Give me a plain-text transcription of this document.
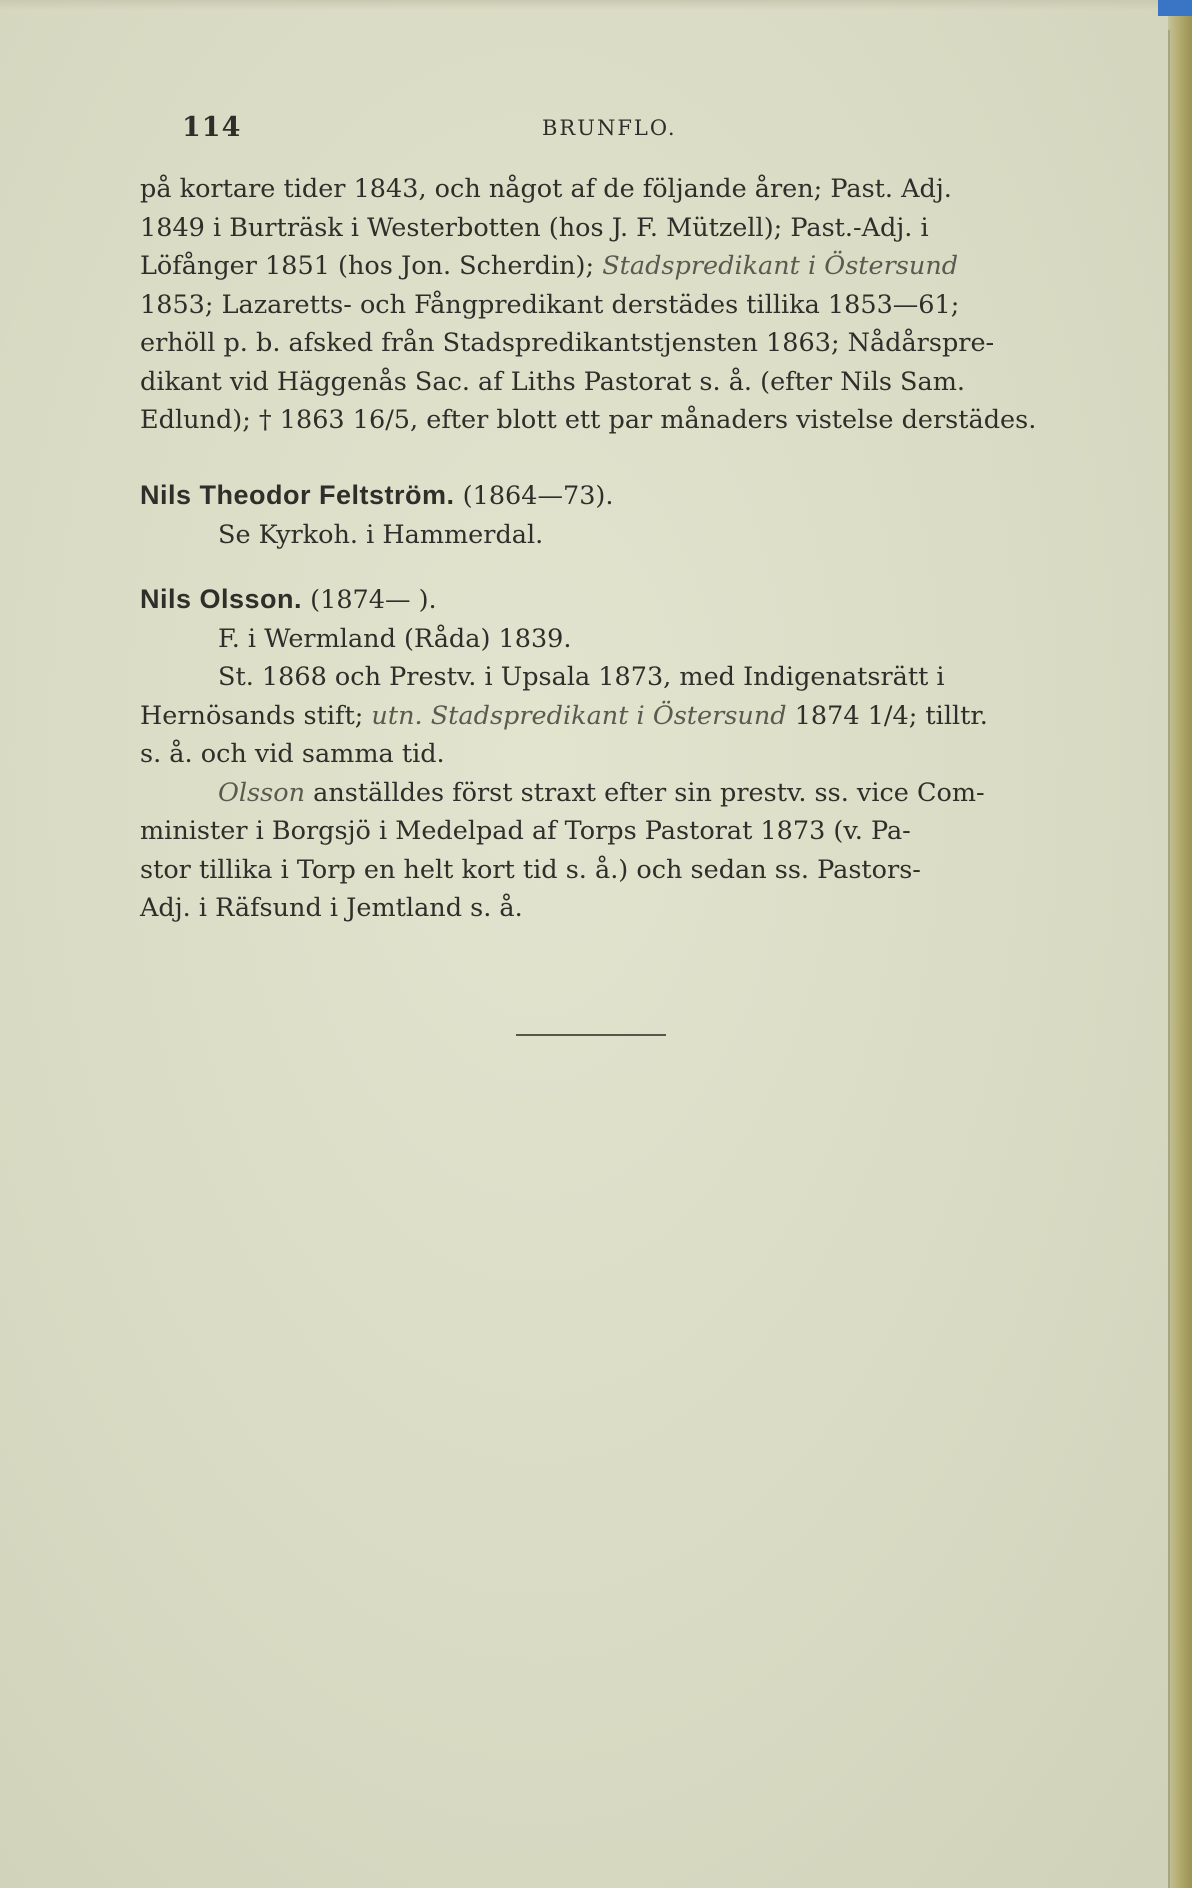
114	BRUNFLO.

på kortare tider 1843, och något af de följande åren; Past. Adj.

1849 i Burträsk i Westerbotten (hos J. F. Mützell); Past.-Adj. i

Löfånger 1851 (hos Jon. Scherdin); Stadspredikant i Östersund

1853; Lazaretts- och Fångpredikant derstädes tillika 1853—61;

erhöll p. b. afsked från Stadspredikantstjensten 1863; Nådårspre-

dikant vid Häggenås Sac. af Liths Pastorat s. å. (efter Nils Sam.

Edlund); † 1863 16/5, efter blott ett par månaders vistelse derstädes.

Nils Theodor Feltström. (1864—73).

Se Kyrkoh. i Hammerdal.

Nils Olsson. (1874— ).

F. i Wermland (Råda) 1839.

St. 1868 och Prestv. i Upsala 1873, med Indigenatsrätt i

Hernösands stift; utn. Stadspredikant i Östersund 1874 1/4; tilltr.

s. å. och vid samma tid.

Olsson anställdes först straxt efter sin prestv. ss. vice Com-

minister i Borgsjö i Medelpad af Torps Pastorat 1873 (v. Pa-

stor tillika i Torp en helt kort tid s. å.) och sedan ss. Pastors-

Adj. i Räfsund i Jemtland s. å.
